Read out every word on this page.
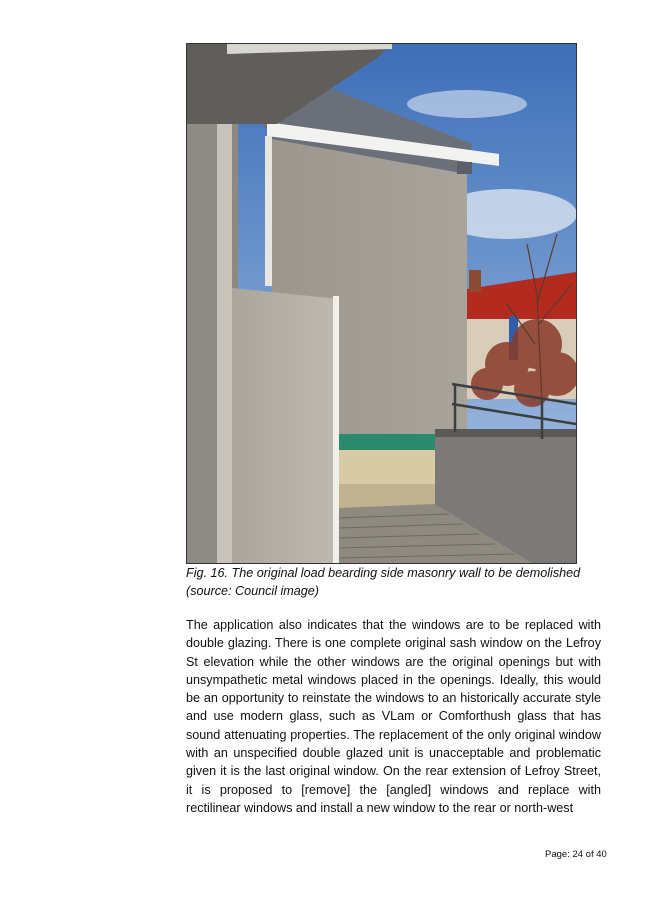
Fig. 16. The original load bearding side masonry wall to be demolished
(source: Council image)

The application also indicates that the windows are to be replaced with double glazing. There is one complete original sash window on the Lefroy St elevation while the other windows are the original openings but with unsympathetic metal windows placed in the openings. Ideally, this would be an opportunity to reinstate the windows to an historically accurate style and use modern glass, such as VLam or Comforthush glass that has sound attenuating properties. The replacement of the only original window with an unspecified double glazed unit is unacceptable and problematic given it is the last original window. On the rear extension of Lefroy Street, it is proposed to [remove] the [angled] windows and replace with rectilinear windows and install a new window to the rear or north-west

Page: 24 of 40
